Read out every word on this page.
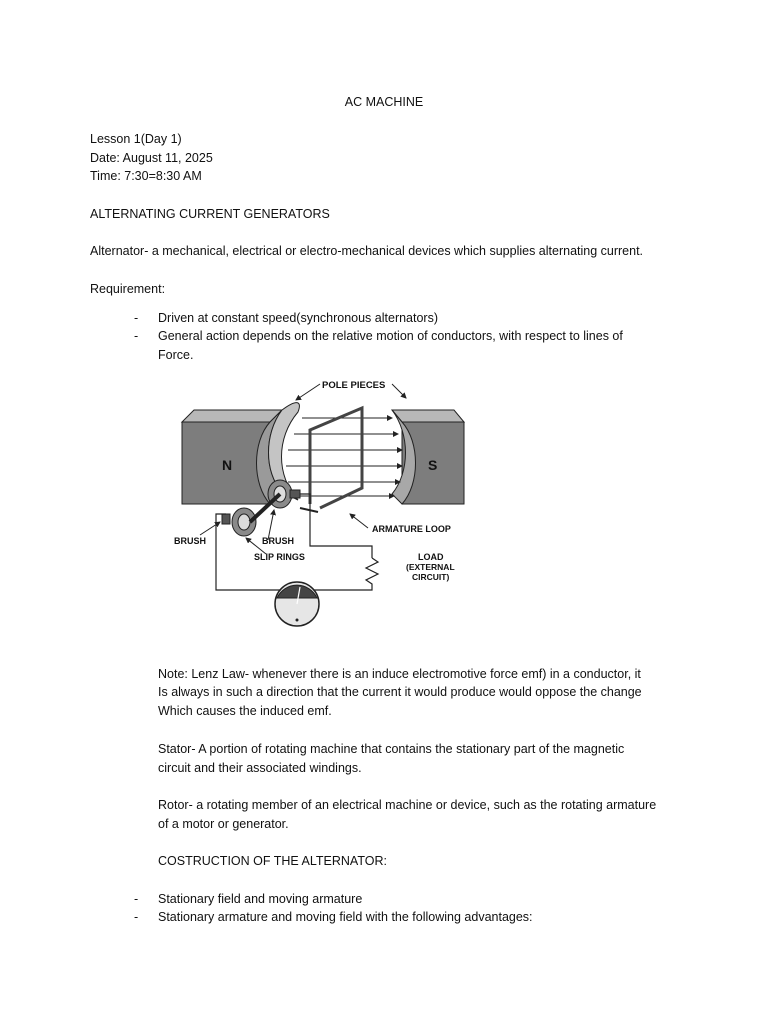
AC MACHINE
Lesson 1(Day 1)
Date: August 11, 2025
Time: 7:30=8:30 AM
ALTERNATING CURRENT GENERATORS
Alternator- a mechanical, electrical or electro-mechanical devices which supplies alternating current.
Requirement:
- Driven at constant speed(synchronous alternators)
- General action depends on the relative motion of conductors, with respect to lines of
Force.
POLE PIECES
N	S
BRUSH	BRUSH
SLIP RINGS
ARMATURE LOOP
LOAD
(EXTERNAL
CIRCUIT)
Note: Lenz Law- whenever there is an induce electromotive force emf) in a conductor, it
Is always in such a direction that the current it would produce would oppose the change
Which causes the induced emf.
Stator- A portion of rotating machine that contains the stationary part of the magnetic
circuit and their associated windings.
Rotor- a rotating member of an electrical machine or device, such as the rotating armature
of a motor or generator.
COSTRUCTION OF THE ALTERNATOR:
- Stationary field and moving armature
- Stationary armature and moving field with the following advantages:
